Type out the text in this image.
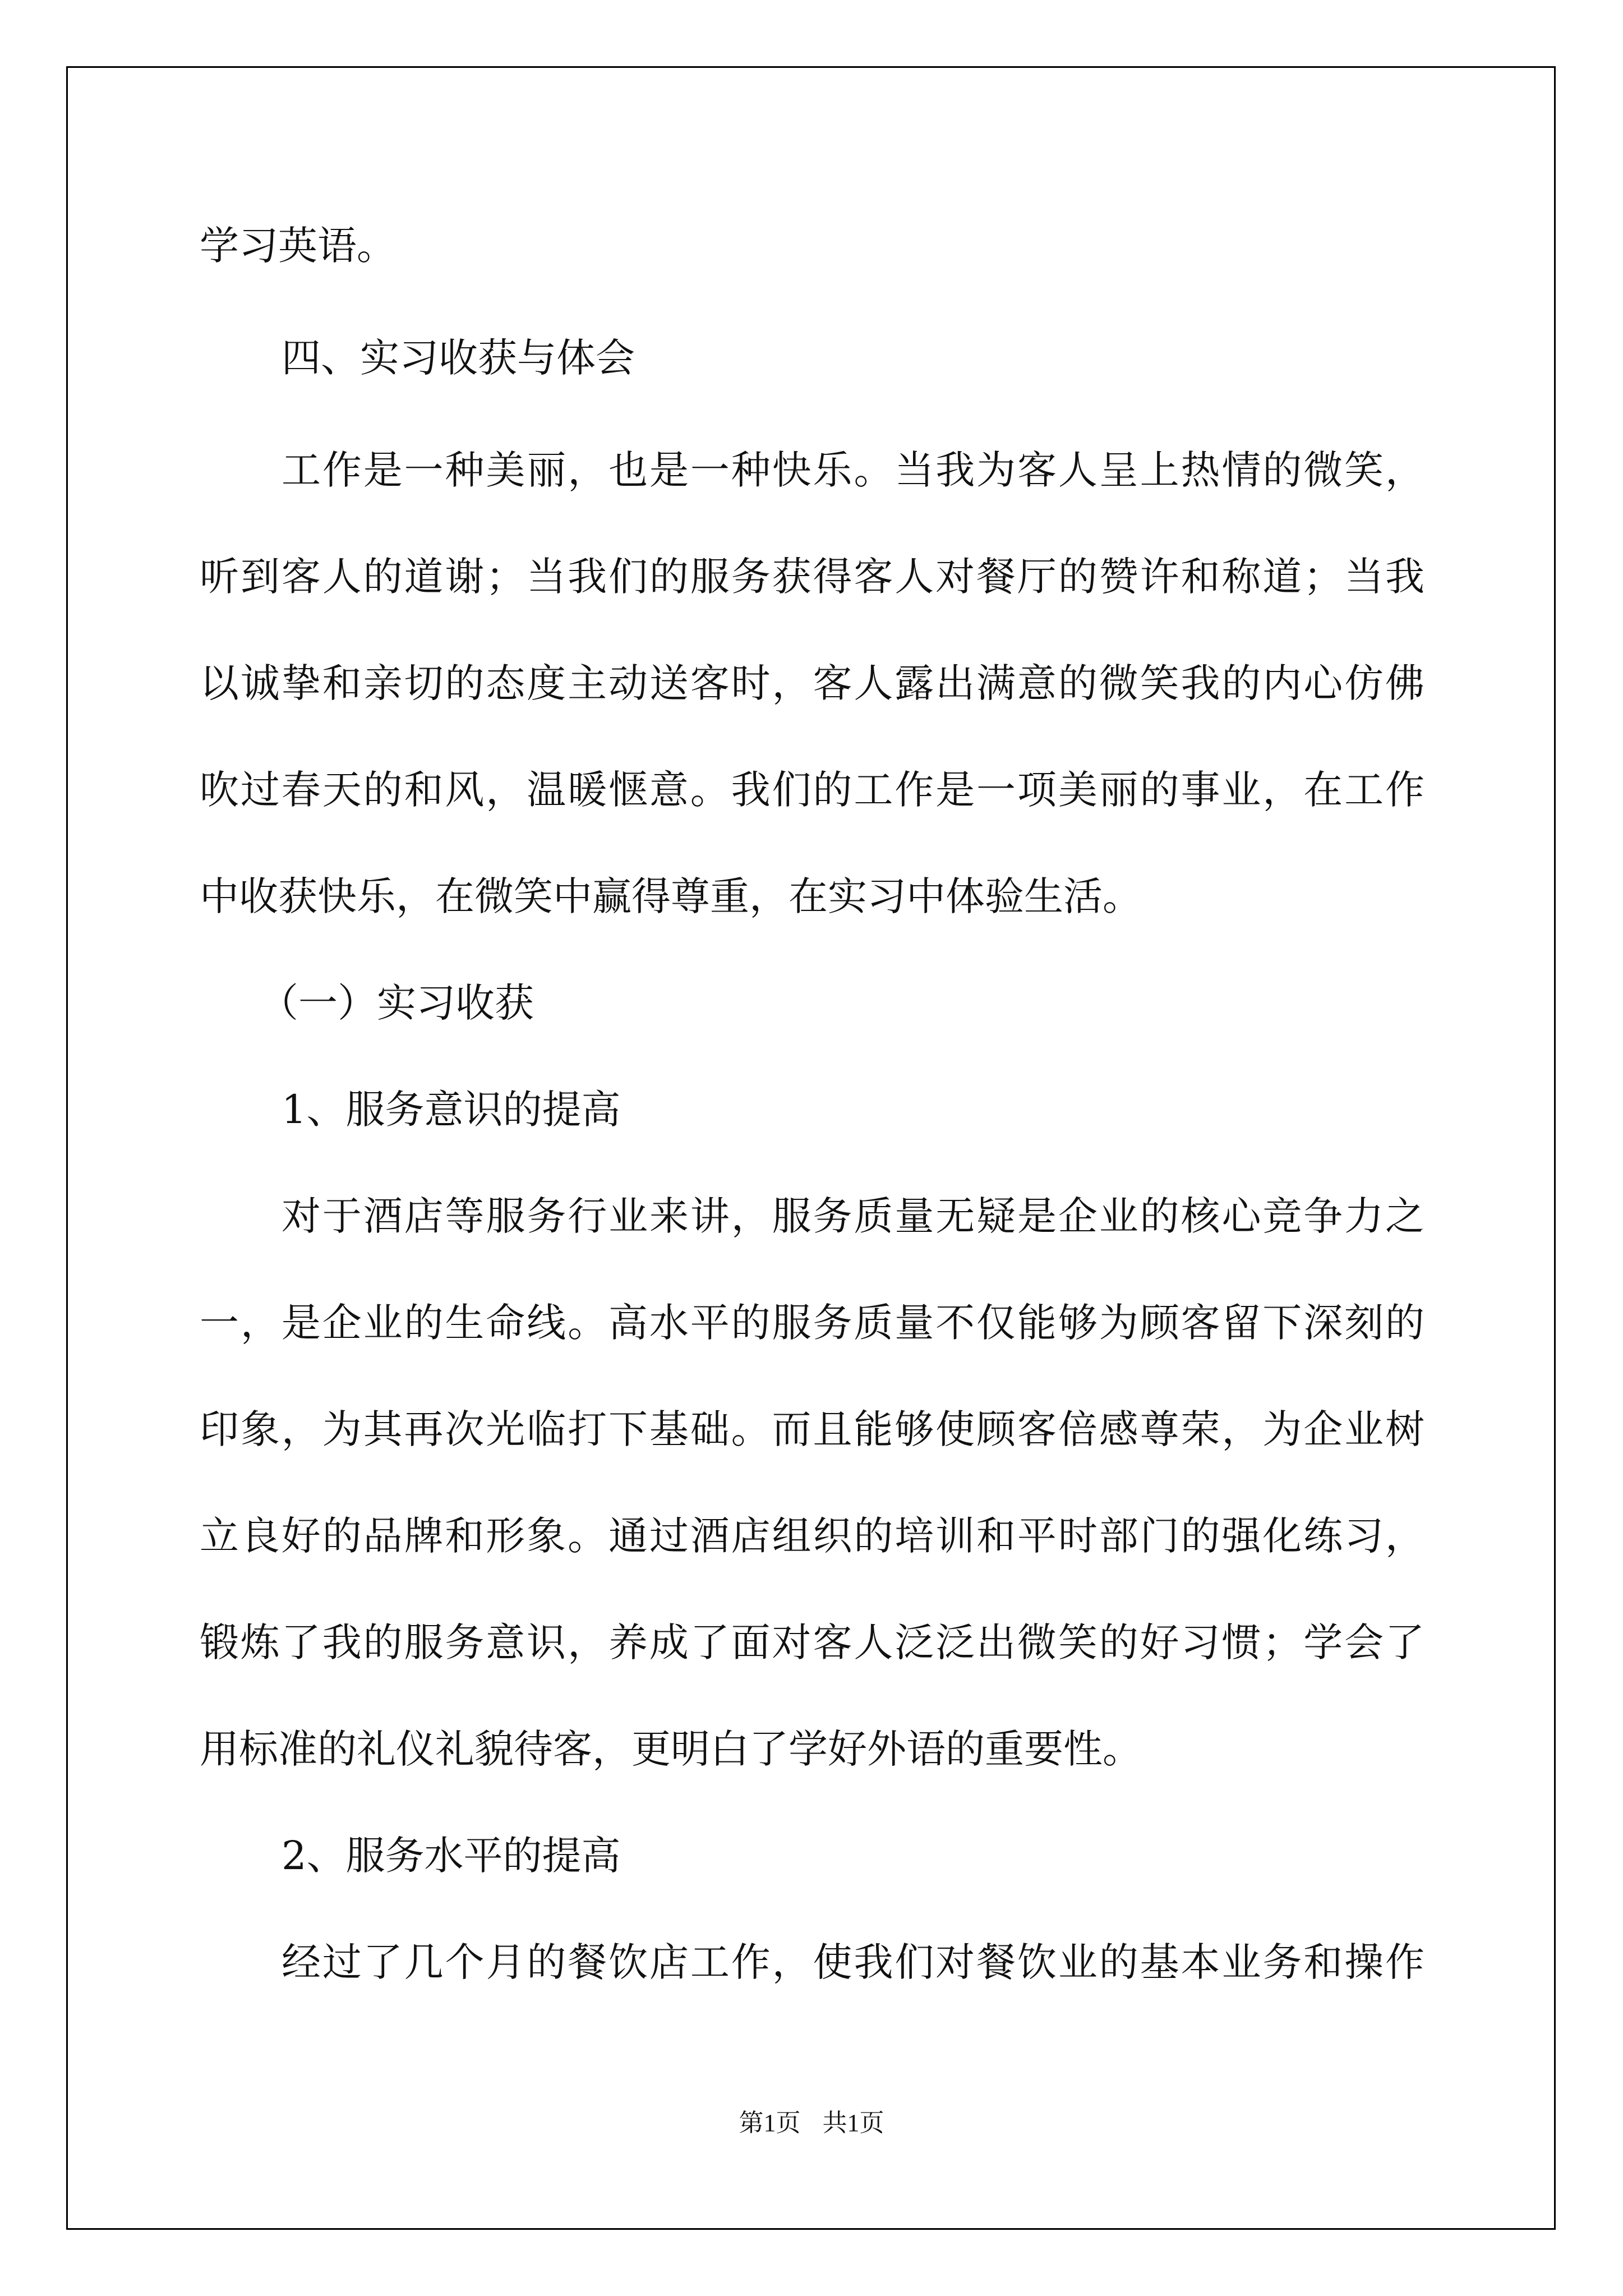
学习英语。

四、实习收获与体会

工作是一种美丽，也是一种快乐。当我为客人呈上热情的微笑，

听到客人的道谢；当我们的服务获得客人对餐厅的赞许和称道；当我

以诚挚和亲切的态度主动送客时，客人露出满意的微笑我的内心仿佛

吹过春天的和风，温暖惬意。我们的工作是一项美丽的事业，在工作

中收获快乐，在微笑中赢得尊重，在实习中体验生活。

（一）实习收获

1、服务意识的提高

对于酒店等服务行业来讲，服务质量无疑是企业的核心竞争力之

一，是企业的生命线。高水平的服务质量不仅能够为顾客留下深刻的

印象，为其再次光临打下基础。而且能够使顾客倍感尊荣，为企业树

立良好的品牌和形象。通过酒店组织的培训和平时部门的强化练习，

锻炼了我的服务意识，养成了面对客人泛泛出微笑的好习惯；学会了

用标准的礼仪礼貌待客，更明白了学好外语的重要性。

2、服务水平的提高

经过了几个月的餐饮店工作，使我们对餐饮业的基本业务和操作

第1页 共1页
